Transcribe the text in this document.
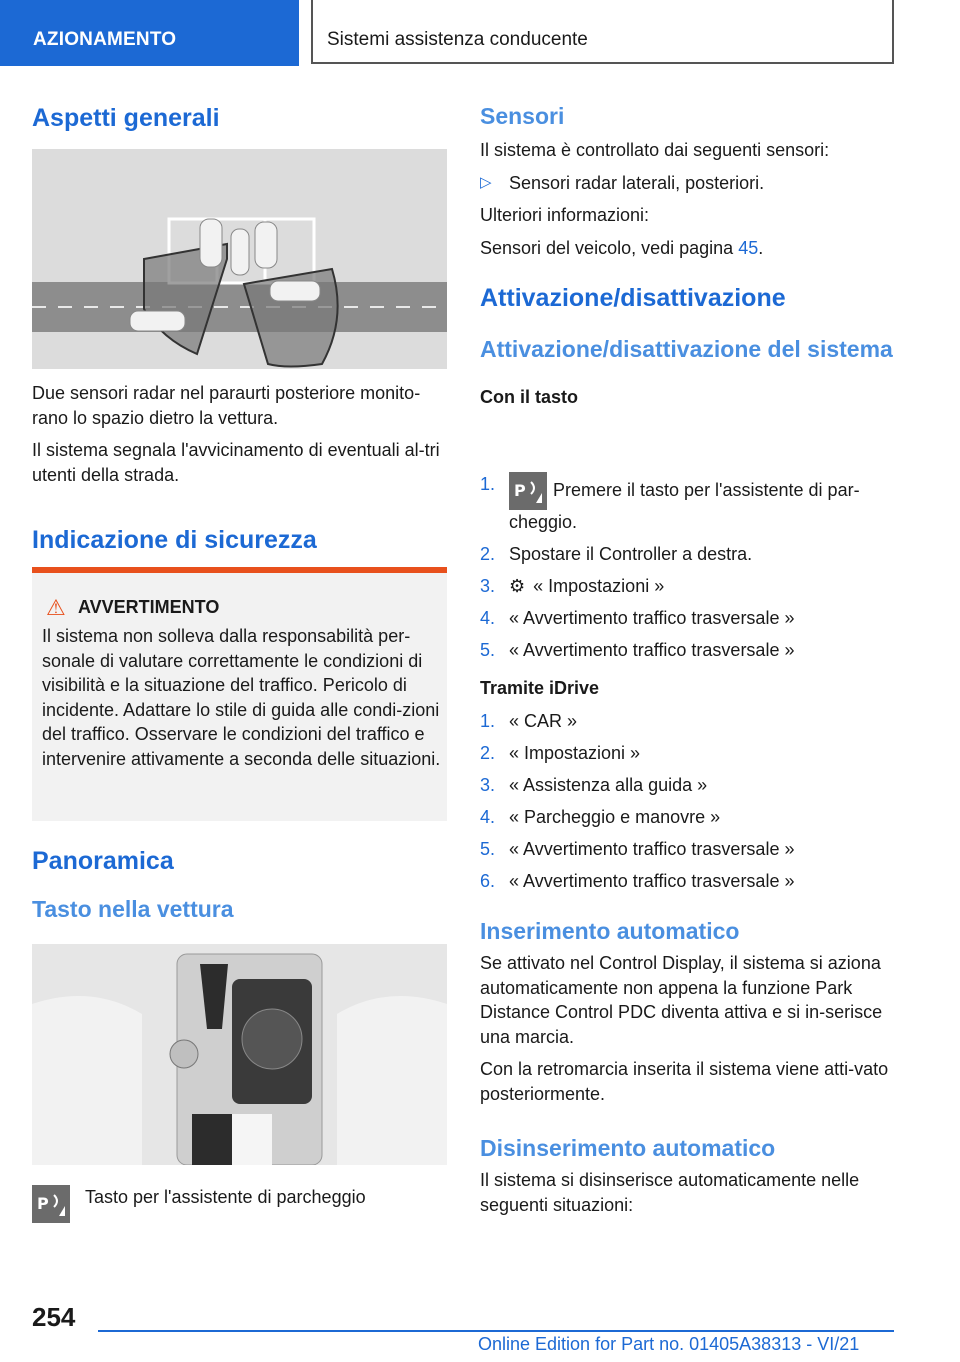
AZIONAMENTO	Sistemi assistenza conducente
Aspetti generali

Due sensori radar nel paraurti posteriore monito-rano lo spazio dietro la vettura.

Il sistema segnala l'avvicinamento di eventuali al-tri utenti della strada.

Indicazione di sicurezza
⚠ AVVERTIMENTO

Il sistema non solleva dalla responsabilità per-sonale di valutare correttamente le condizioni di visibilità e la situazione del traffico. Pericolo di incidente. Adattare lo stile di guida alle condi-zioni del traffico. Osservare le condizioni del traffico e intervenire attivamente a seconda delle situazioni.

Panoramica
Tasto nella vettura
P Tasto per l'assistente di parcheggio

Sensori

Il sistema è controllato dai seguenti sensori:

▷ Sensori radar laterali, posteriori.

Ulteriori informazioni:

Sensori del veicolo, vedi pagina 45.

Attivazione/disattivazione
Attivazione/disattivazione del sistema

Con il tasto

1. P Premere il tasto per l'assistente di par-cheggio.
2. Spostare il Controller a destra.
3. ⚙ « Impostazioni »
4. « Avvertimento traffico trasversale »
5. « Avvertimento traffico trasversale »

Tramite iDrive

1. « CAR »
2. « Impostazioni »
3. « Assistenza alla guida »
4. « Parcheggio e manovre »
5. « Avvertimento traffico trasversale »
6. « Avvertimento traffico trasversale »
Inserimento automatico

Se attivato nel Control Display, il sistema si aziona automaticamente non appena la funzione Park Distance Control PDC diventa attiva e si in-serisce una marcia.

Con la retromarcia inserita il sistema viene atti-vato posteriormente.

Disinserimento automatico

Il sistema si disinserisce automaticamente nelle seguenti situazioni:

254
Online Edition for Part no. 01405A38313 - VI/21
